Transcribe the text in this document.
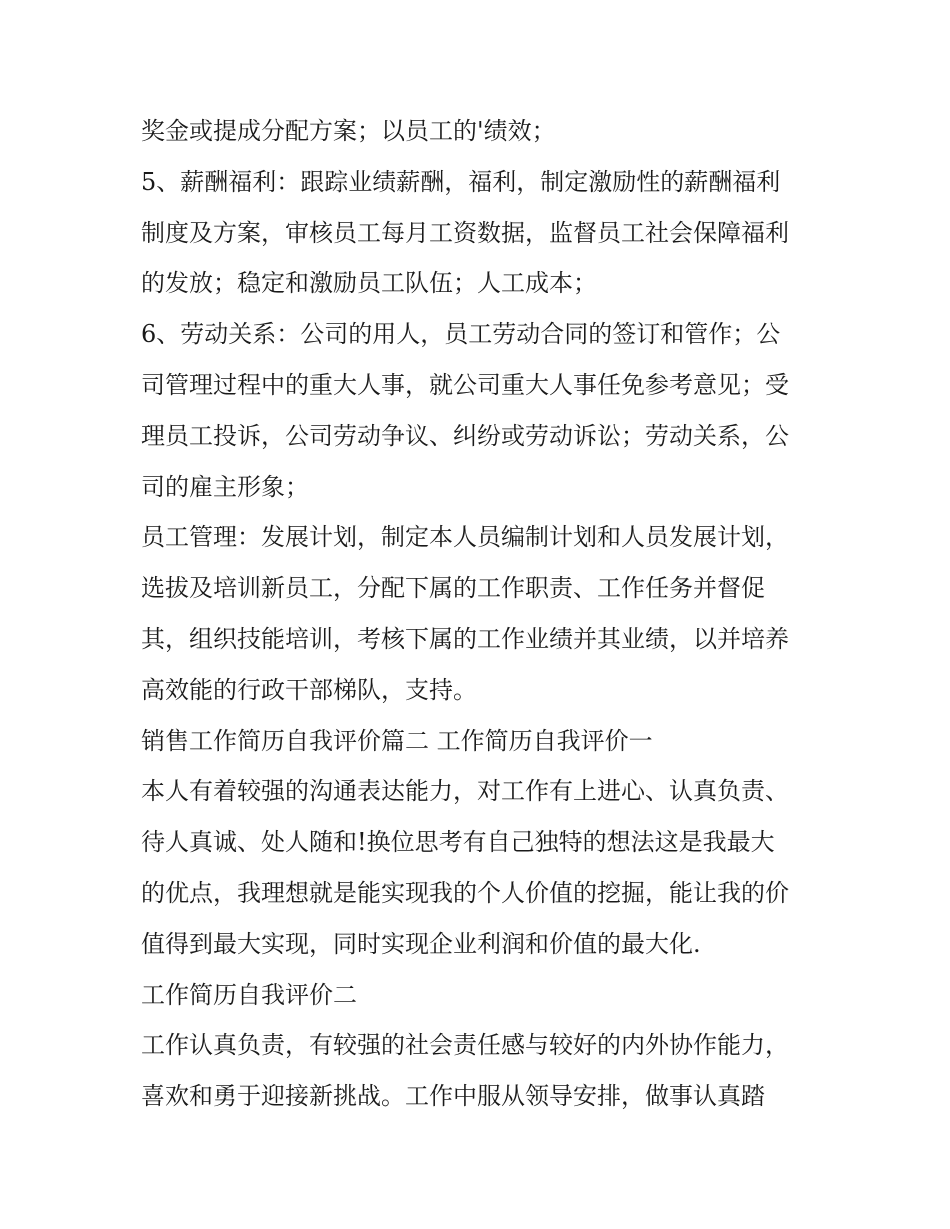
奖金或提成分配方案；以员工的'绩效；
5、薪酬福利：跟踪业绩薪酬，福利，制定激励性的薪酬福利
制度及方案，审核员工每月工资数据，监督员工社会保障福利
的发放；稳定和激励员工队伍；人工成本；
6、劳动关系：公司的用人，员工劳动合同的签订和管作；公
司管理过程中的重大人事，就公司重大人事任免参考意见；受
理员工投诉，公司劳动争议、纠纷或劳动诉讼；劳动关系，公
司的雇主形象；
员工管理：发展计划，制定本人员编制计划和人员发展计划，
选拔及培训新员工，分配下属的工作职责、工作任务并督促
其，组织技能培训，考核下属的工作业绩并其业绩，以并培养
高效能的行政干部梯队，支持。
销售工作简历自我评价篇二 工作简历自我评价一
本人有着较强的沟通表达能力，对工作有上进心、认真负责、
待人真诚、处人随和!换位思考有自己独特的想法这是我最大
的优点，我理想就是能实现我的个人价值的挖掘，能让我的价
值得到最大实现，同时实现企业利润和价值的最大化.
工作简历自我评价二
工作认真负责，有较强的社会责任感与较好的内外协作能力，
喜欢和勇于迎接新挑战。工作中服从领导安排，做事认真踏
